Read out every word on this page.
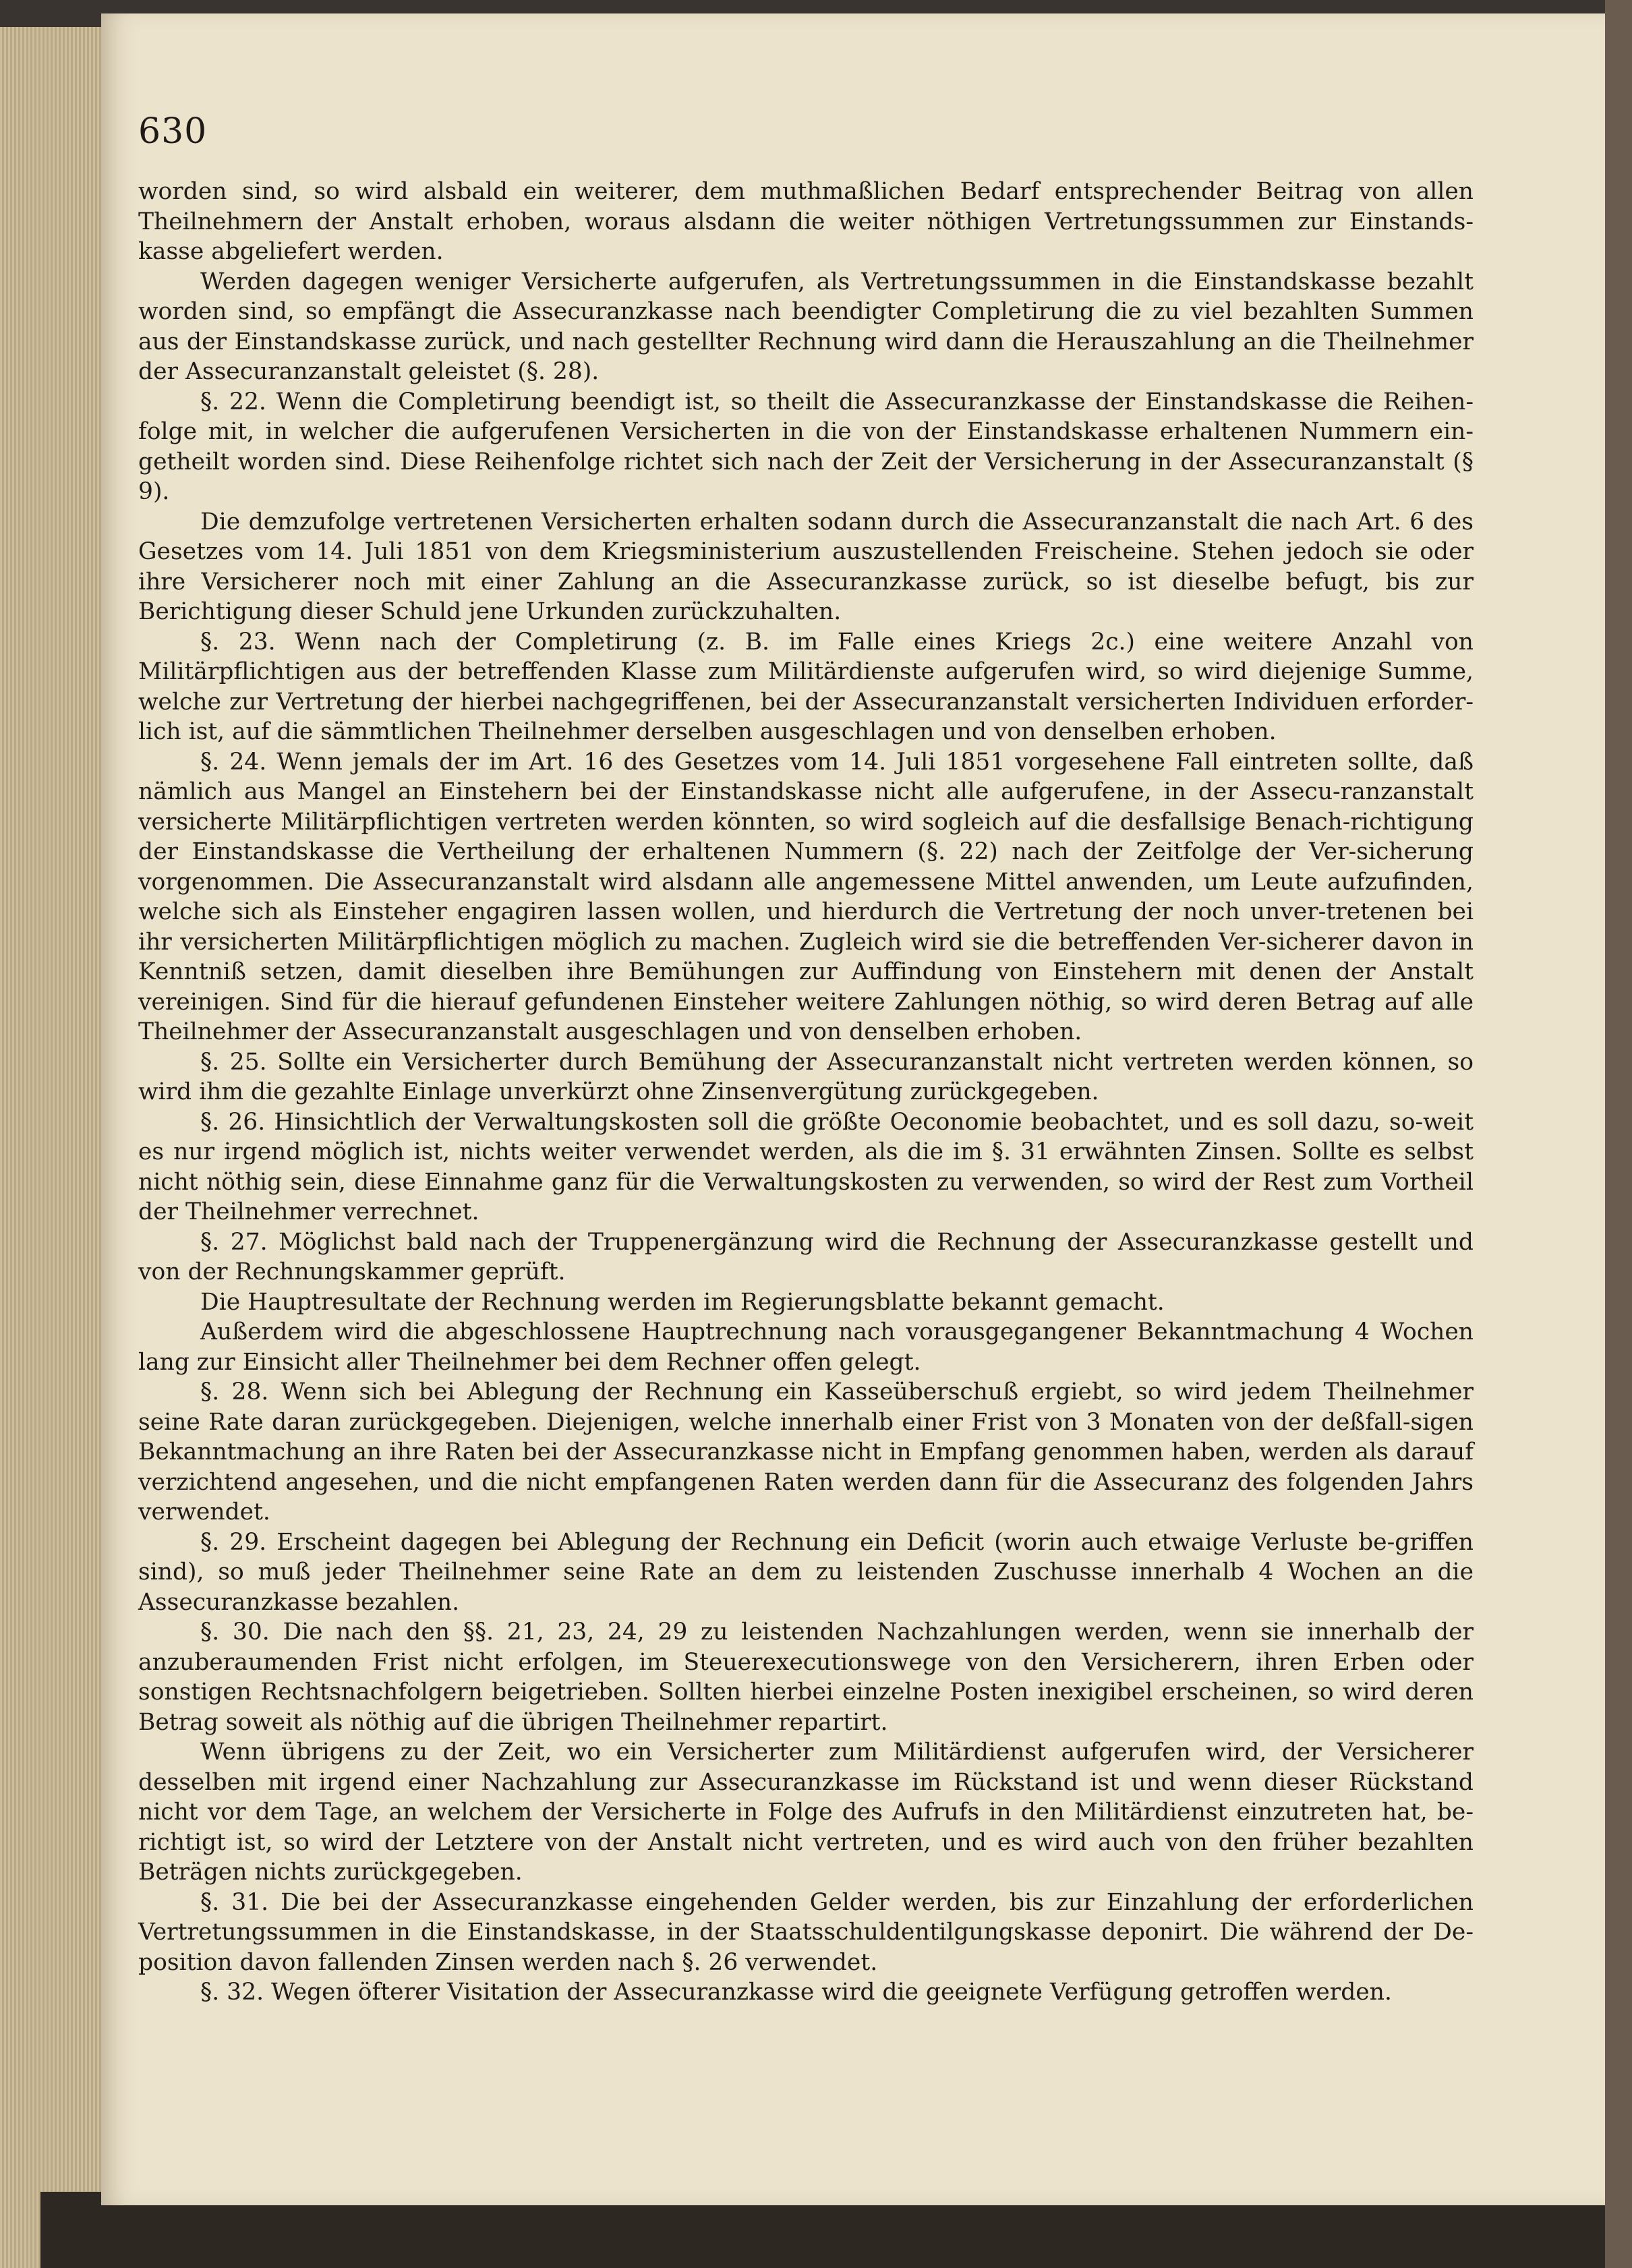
630

worden sind, so wird alsbald ein weiterer, dem muthmaßlichen Bedarf entsprechender Beitrag von allen Theilnehmern der Anstalt erhoben, woraus alsdann die weiter nöthigen Vertretungssummen zur Einstands-kasse abgeliefert werden.

Werden dagegen weniger Versicherte aufgerufen, als Vertretungssummen in die Einstandskasse bezahlt worden sind, so empfängt die Assecuranzkasse nach beendigter Completirung die zu viel bezahlten Summen aus der Einstandskasse zurück, und nach gestellter Rechnung wird dann die Herauszahlung an die Theilnehmer der Assecuranzanstalt geleistet (§. 28).

§. 22. Wenn die Completirung beendigt ist, so theilt die Assecuranzkasse der Einstandskasse die Reihen-folge mit, in welcher die aufgerufenen Versicherten in die von der Einstandskasse erhaltenen Nummern ein-getheilt worden sind. Diese Reihenfolge richtet sich nach der Zeit der Versicherung in der Assecuranzanstalt (§ 9).

Die demzufolge vertretenen Versicherten erhalten sodann durch die Assecuranzanstalt die nach Art. 6 des Gesetzes vom 14. Juli 1851 von dem Kriegsministerium auszustellenden Freischeine. Stehen jedoch sie oder ihre Versicherer noch mit einer Zahlung an die Assecuranzkasse zurück, so ist dieselbe befugt, bis zur Berichtigung dieser Schuld jene Urkunden zurückzuhalten.

§. 23. Wenn nach der Completirung (z. B. im Falle eines Kriegs 2c.) eine weitere Anzahl von Militärpflichtigen aus der betreffenden Klasse zum Militärdienste aufgerufen wird, so wird diejenige Summe, welche zur Vertretung der hierbei nachgegriffenen, bei der Assecuranzanstalt versicherten Individuen erforder-lich ist, auf die sämmtlichen Theilnehmer derselben ausgeschlagen und von denselben erhoben.

§. 24. Wenn jemals der im Art. 16 des Gesetzes vom 14. Juli 1851 vorgesehene Fall eintreten sollte, daß nämlich aus Mangel an Einstehern bei der Einstandskasse nicht alle aufgerufene, in der Assecu-ranzanstalt versicherte Militärpflichtigen vertreten werden könnten, so wird sogleich auf die desfallsige Benach-richtigung der Einstandskasse die Vertheilung der erhaltenen Nummern (§. 22) nach der Zeitfolge der Ver-sicherung vorgenommen. Die Assecuranzanstalt wird alsdann alle angemessene Mittel anwenden, um Leute aufzufinden, welche sich als Einsteher engagiren lassen wollen, und hierdurch die Vertretung der noch unver-tretenen bei ihr versicherten Militärpflichtigen möglich zu machen. Zugleich wird sie die betreffenden Ver-sicherer davon in Kenntniß setzen, damit dieselben ihre Bemühungen zur Auffindung von Einstehern mit denen der Anstalt vereinigen. Sind für die hierauf gefundenen Einsteher weitere Zahlungen nöthig, so wird deren Betrag auf alle Theilnehmer der Assecuranzanstalt ausgeschlagen und von denselben erhoben.

§. 25. Sollte ein Versicherter durch Bemühung der Assecuranzanstalt nicht vertreten werden können, so wird ihm die gezahlte Einlage unverkürzt ohne Zinsenvergütung zurückgegeben.

§. 26. Hinsichtlich der Verwaltungskosten soll die größte Oeconomie beobachtet, und es soll dazu, so-weit es nur irgend möglich ist, nichts weiter verwendet werden, als die im §. 31 erwähnten Zinsen. Sollte es selbst nicht nöthig sein, diese Einnahme ganz für die Verwaltungskosten zu verwenden, so wird der Rest zum Vortheil der Theilnehmer verrechnet.

§. 27. Möglichst bald nach der Truppenergänzung wird die Rechnung der Assecuranzkasse gestellt und von der Rechnungskammer geprüft.

Die Hauptresultate der Rechnung werden im Regierungsblatte bekannt gemacht.

Außerdem wird die abgeschlossene Hauptrechnung nach vorausgegangener Bekanntmachung 4 Wochen lang zur Einsicht aller Theilnehmer bei dem Rechner offen gelegt.

§. 28. Wenn sich bei Ablegung der Rechnung ein Kasseüberschuß ergiebt, so wird jedem Theilnehmer seine Rate daran zurückgegeben. Diejenigen, welche innerhalb einer Frist von 3 Monaten von der deßfall-sigen Bekanntmachung an ihre Raten bei der Assecuranzkasse nicht in Empfang genommen haben, werden als darauf verzichtend angesehen, und die nicht empfangenen Raten werden dann für die Assecuranz des folgenden Jahrs verwendet.

§. 29. Erscheint dagegen bei Ablegung der Rechnung ein Deficit (worin auch etwaige Verluste be-griffen sind), so muß jeder Theilnehmer seine Rate an dem zu leistenden Zuschusse innerhalb 4 Wochen an die Assecuranzkasse bezahlen.

§. 30. Die nach den §§. 21, 23, 24, 29 zu leistenden Nachzahlungen werden, wenn sie innerhalb der anzuberaumenden Frist nicht erfolgen, im Steuerexecutionswege von den Versicherern, ihren Erben oder sonstigen Rechtsnachfolgern beigetrieben. Sollten hierbei einzelne Posten inexigibel erscheinen, so wird deren Betrag soweit als nöthig auf die übrigen Theilnehmer repartirt.

Wenn übrigens zu der Zeit, wo ein Versicherter zum Militärdienst aufgerufen wird, der Versicherer desselben mit irgend einer Nachzahlung zur Assecuranzkasse im Rückstand ist und wenn dieser Rückstand nicht vor dem Tage, an welchem der Versicherte in Folge des Aufrufs in den Militärdienst einzutreten hat, be-richtigt ist, so wird der Letztere von der Anstalt nicht vertreten, und es wird auch von den früher bezahlten Beträgen nichts zurückgegeben.

§. 31. Die bei der Assecuranzkasse eingehenden Gelder werden, bis zur Einzahlung der erforderlichen Vertretungssummen in die Einstandskasse, in der Staatsschuldentilgungskasse deponirt. Die während der De-position davon fallenden Zinsen werden nach §. 26 verwendet.

§. 32. Wegen öfterer Visitation der Assecuranzkasse wird die geeignete Verfügung getroffen werden.
